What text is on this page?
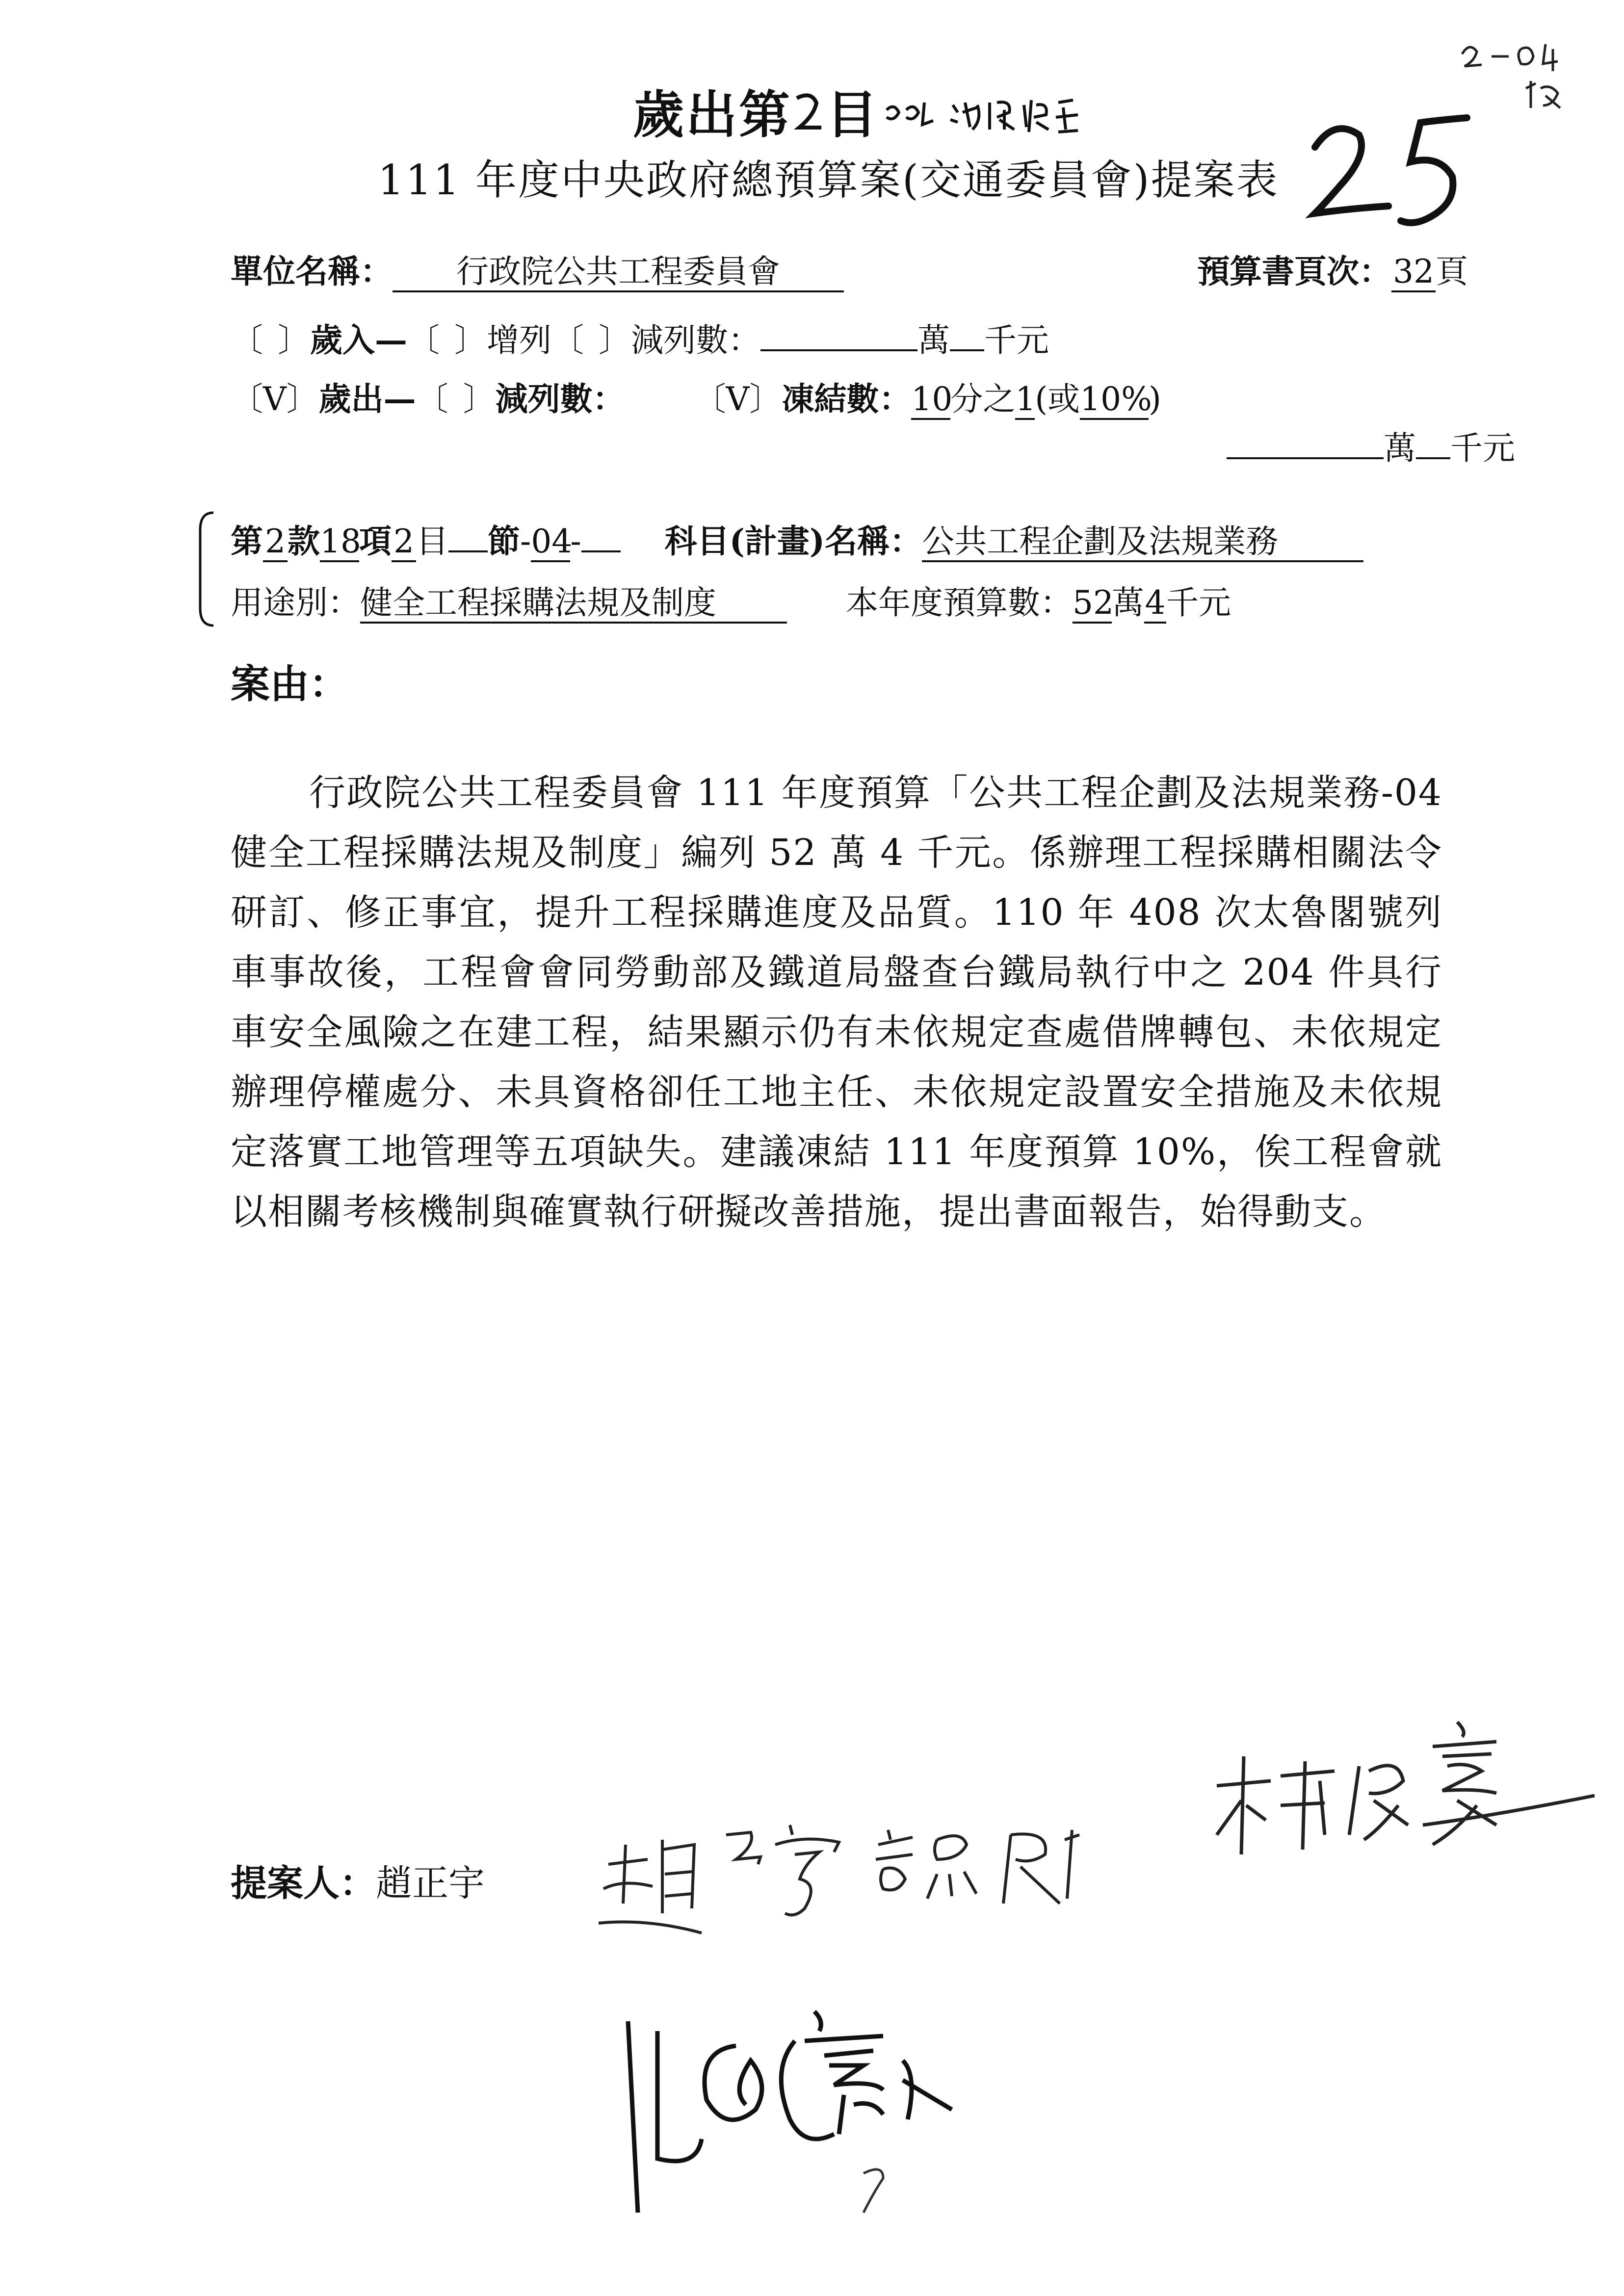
歲出第 目
111 年度中央政府總預算案(交通委員會)提案表
單位名稱： 行政院公共工程委員會	預算書頁次：32頁
〔 〕歲入—〔 〕增列〔 〕減列數：	萬 千元
〔V〕歲出—〔 〕減列數： 〔V〕凍結數：10分之1(或10%)
萬 千元
第2款18項2目 節-04-	科目(計畫)名稱：公共工程企劃及法規業務
用途別：健全工程採購法規及制度	本年度預算數：52萬4千元
案由：
行政院公共工程委員會 111 年度預算「公共工程企劃及法規業務-04 健全工程採購法規及制度」編列 52 萬 4 千元。係辦理工程採購相關法令研訂、修正事宜，提升工程採購進度及品質。110 年 408 次太魯閣號列車事故後，工程會會同勞動部及鐵道局盤查台鐵局執行中之 204 件具行車安全風險之在建工程，結果顯示仍有未依規定查處借牌轉包、未依規定辦理停權處分、未具資格卻任工地主任、未依規定設置安全措施及未依規定落實工地管理等五項缺失。建議凍結 111 年度預算 10%，俟工程會就以相關考核機制與確實執行研擬改善措施，提出書面報告，始得動支。
提案人：趙正宇
